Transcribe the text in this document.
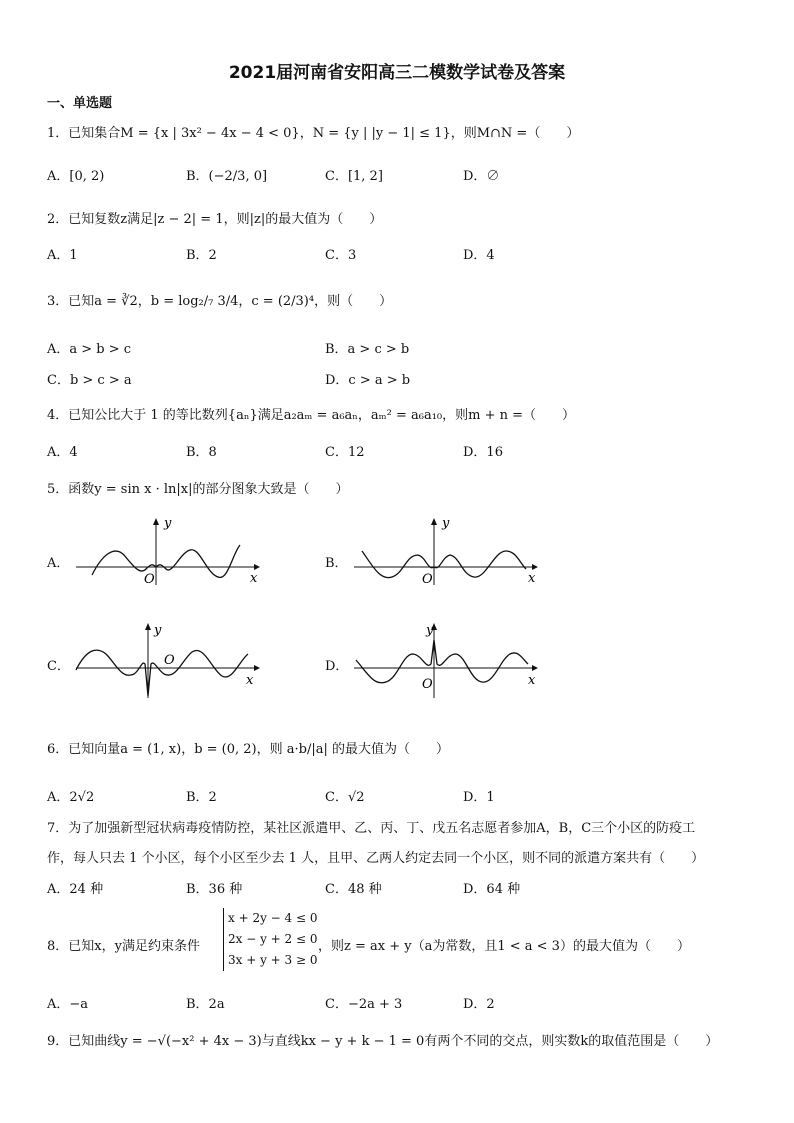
2021届河南省安阳高三二模数学试卷及答案
一、单选题
1．已知集合M = {x | 3x² − 4x − 4 < 0}，N = {y | |y − 1| ≤ 1}，则M∩N =（　　）
A．[0, 2)	B．(−2/3, 0]	C．[1, 2]	D．∅
2．已知复数z满足|z − 2| = 1，则|z|的最大值为（　　）
A．1	B．2	C．3	D．4
3．已知a = ∛2，b = log₂/₇ 3/4，c = (2/3)⁴，则（　　）
A．a > b > c	B．a > c > b
C．b > c > a	D．c > a > b
4．已知公比大于 1 的等比数列{aₙ}满足a₂aₘ = a₆aₙ，aₘ² = a₆a₁₀，则m + n =（　　）
A．4	B．8	C．12	D．16
5．函数y = sin x · ln|x|的部分图象大致是（　　）
A．	B．
C．	D．
y
x
O
y
x
O
y
x
O
y
x
O
6．已知向量a = (1, x)，b = (0, 2)，则 a·b/|a| 的最大值为（　　）
A．2√2	B．2	C．√2	D．1
7．为了加强新型冠状病毒疫情防控，某社区派遣甲、乙、丙、丁、戊五名志愿者参加A，B，C三个小区的防疫工
作，每人只去 1 个小区，每个小区至少去 1 人，且甲、乙两人约定去同一个小区，则不同的派遣方案共有（　　）
A．24 种	B．36 种	C．48 种	D．64 种
8．已知x，y满足约束条件
x + 2y − 4 ≤ 0
2x − y + 2 ≤ 0
3x + y + 3 ≥ 0
，则z = ax + y（a为常数，且1 < a < 3）的最大值为（　　）
A．−a	B．2a	C．−2a + 3	D．2
9．已知曲线y = −√(−x² + 4x − 3)与直线kx − y + k − 1 = 0有两个不同的交点，则实数k的取值范围是（　　）
